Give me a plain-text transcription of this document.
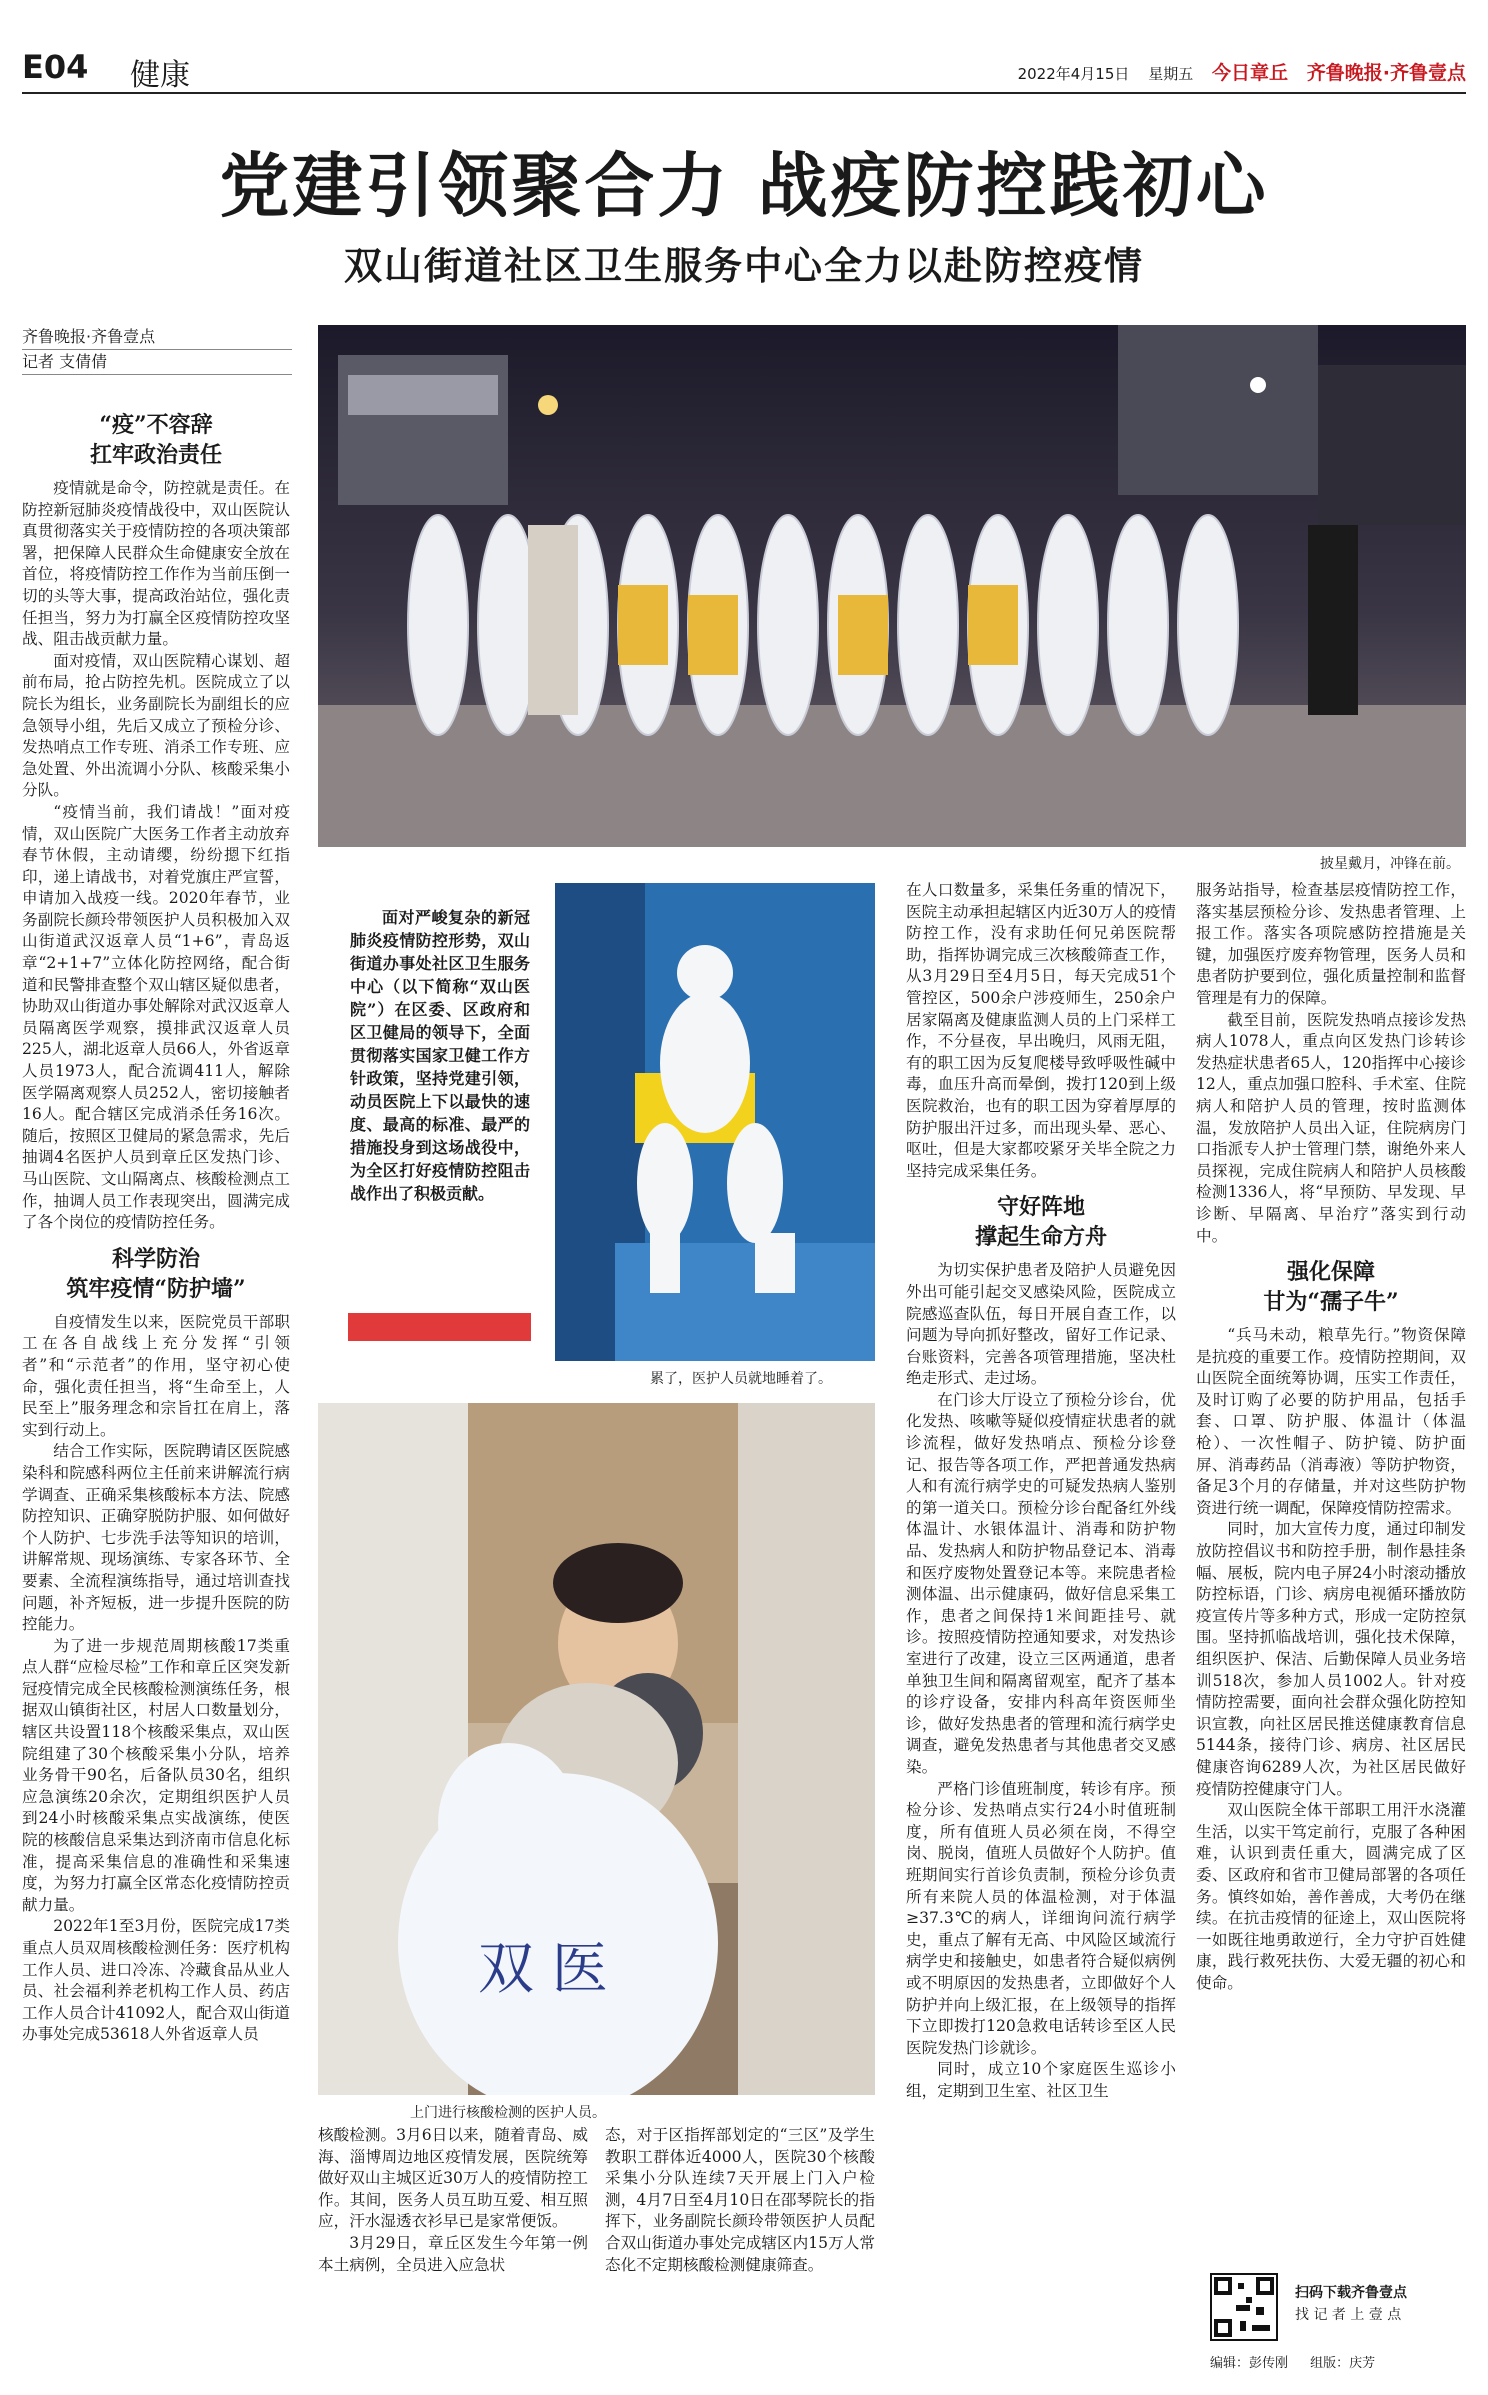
E04 健康	2022年4月15日 星期五 今日章丘 齐鲁晚报·齐鲁壹点
党建引领聚合力 战疫防控践初心
双山街道社区卫生服务中心全力以赴防控疫情
齐鲁晚报·齐鲁壹点
记者 支倩倩
“疫”不容辞
扛牢政治责任

疫情就是命令，防控就是责任。在防控新冠肺炎疫情战役中，双山医院认真贯彻落实关于疫情防控的各项决策部署，把保障人民群众生命健康安全放在首位，将疫情防控工作作为当前压倒一切的头等大事，提高政治站位，强化责任担当，努力为打赢全区疫情防控攻坚战、阻击战贡献力量。

面对疫情，双山医院精心谋划、超前布局，抢占防控先机。医院成立了以院长为组长，业务副院长为副组长的应急领导小组，先后又成立了预检分诊、发热哨点工作专班、消杀工作专班、应急处置、外出流调小分队、核酸采集小分队。

“疫情当前，我们请战！”面对疫情，双山医院广大医务工作者主动放弃春节休假，主动请缨，纷纷摁下红指印，递上请战书，对着党旗庄严宣誓，申请加入战疫一线。2020年春节，业务副院长颜玲带领医护人员积极加入双山街道武汉返章人员“1+6”，青岛返章“2+1+7”立体化防控网络，配合街道和民警排查整个双山辖区疑似患者，协助双山街道办事处解除对武汉返章人员隔离医学观察，摸排武汉返章人员225人，湖北返章人员66人，外省返章人员1973人，配合流调411人，解除医学隔离观察人员252人，密切接触者16人。配合辖区完成消杀任务16次。随后，按照区卫健局的紧急需求，先后抽调4名医护人员到章丘区发热门诊、马山医院、文山隔离点、核酸检测点工作，抽调人员工作表现突出，圆满完成了各个岗位的疫情防控任务。

科学防治
筑牢疫情“防护墙”

自疫情发生以来，医院党员干部职工在各自战线上充分发挥“引领者”和“示范者”的作用，坚守初心使命，强化责任担当，将“生命至上，人民至上”服务理念和宗旨扛在肩上，落实到行动上。

结合工作实际，医院聘请区医院感染科和院感科两位主任前来讲解流行病学调查、正确采集核酸标本方法、院感防控知识、正确穿脱防护服、如何做好个人防护、七步洗手法等知识的培训，讲解常规、现场演练、专家各环节、全要素、全流程演练指导，通过培训查找问题，补齐短板，进一步提升医院的防控能力。

为了进一步规范周期核酸17类重点人群“应检尽检”工作和章丘区突发新冠疫情完成全民核酸检测演练任务，根据双山镇街社区，村居人口数量划分，辖区共设置118个核酸采集点，双山医院组建了30个核酸采集小分队，培养业务骨干90名，后备队员30名，组织应急演练20余次，定期组织医护人员到24小时核酸采集点实战演练，使医院的核酸信息采集达到济南市信息化标准，提高采集信息的准确性和采集速度，为努力打赢全区常态化疫情防控贡献力量。

2022年1至3月份，医院完成17类重点人员双周核酸检测任务：医疗机构工作人员、进口冷冻、冷藏食品从业人员、社会福利养老机构工作人员、药店工作人员合计41092人，配合双山街道办事处完成53618人外省返章人员

披星戴月，冲锋在前。

面对严峻复杂的新冠肺炎疫情防控形势，双山街道办事处社区卫生服务中心（以下简称“双山医院”）在区委、区政府和区卫健局的领导下，全面贯彻落实国家卫健工作方针政策，坚持党建引领，动员医院上下以最快的速度、最高的标准、最严的措施投身到这场战役中，为全区打好疫情防控阻击战作出了积极贡献。

累了，医护人员就地睡着了。
双 医
上门进行核酸检测的医护人员。

核酸检测。3月6日以来，随着青岛、威海、淄博周边地区疫情发展，医院统筹做好双山主城区近30万人的疫情防控工作。其间，医务人员互助互爱、相互照应，汗水湿透衣衫早已是家常便饭。

3月29日，章丘区发生今年第一例本土病例，全员进入应急状

态，对于区指挥部划定的“三区”及学生教职工群体近4000人，医院30个核酸采集小分队连续7天开展上门入户检测，4月7日至4月10日在邵琴院长的指挥下，业务副院长颜玲带领医护人员配合双山街道办事处完成辖区内15万人常态化不定期核酸检测健康筛查。

在人口数量多，采集任务重的情况下，医院主动承担起辖区内近30万人的疫情防控工作，没有求助任何兄弟医院帮助，指挥协调完成三次核酸筛查工作，从3月29日至4月5日，每天完成51个管控区，500余户涉疫师生，250余户居家隔离及健康监测人员的上门采样工作，不分昼夜，早出晚归，风雨无阻，有的职工因为反复爬楼导致呼吸性碱中毒，血压升高而晕倒，拨打120到上级医院救治，也有的职工因为穿着厚厚的防护服出汗过多，而出现头晕、恶心、呕吐，但是大家都咬紧牙关毕全院之力坚持完成采集任务。

守好阵地
撑起生命方舟

为切实保护患者及陪护人员避免因外出可能引起交叉感染风险，医院成立院感巡查队伍，每日开展自查工作，以问题为导向抓好整改，留好工作记录、台账资料，完善各项管理措施，坚决杜绝走形式、走过场。

在门诊大厅设立了预检分诊台，优化发热、咳嗽等疑似疫情症状患者的就诊流程，做好发热哨点、预检分诊登记、报告等各项工作，严把普通发热病人和有流行病学史的可疑发热病人鉴别的第一道关口。预检分诊台配备红外线体温计、水银体温计、消毒和防护物品、发热病人和防护物品登记本、消毒和医疗废物处置登记本等。来院患者检测体温、出示健康码，做好信息采集工作，患者之间保持1米间距挂号、就诊。按照疫情防控通知要求，对发热诊室进行了改建，设立三区两通道，患者单独卫生间和隔离留观室，配齐了基本的诊疗设备，安排内科高年资医师坐诊，做好发热患者的管理和流行病学史调查，避免发热患者与其他患者交叉感染。

严格门诊值班制度，转诊有序。预检分诊、发热哨点实行24小时值班制度，所有值班人员必须在岗，不得空岗、脱岗，值班人员做好个人防护。值班期间实行首诊负责制，预检分诊负责所有来院人员的体温检测，对于体温≥37.3℃的病人，详细询问流行病学史，重点了解有无高、中风险区域流行病学史和接触史，如患者符合疑似病例或不明原因的发热患者，立即做好个人防护并向上级汇报，在上级领导的指挥下立即拨打120急救电话转诊至区人民医院发热门诊就诊。

同时，成立10个家庭医生巡诊小组，定期到卫生室、社区卫生

服务站指导，检查基层疫情防控工作，落实基层预检分诊、发热患者管理、上报工作。落实各项院感防控措施是关键，加强医疗废弃物管理，医务人员和患者防护要到位，强化质量控制和监督管理是有力的保障。

截至目前，医院发热哨点接诊发热病人1078人，重点向区发热门诊转诊发热症状患者65人，120指挥中心接诊12人，重点加强口腔科、手术室、住院病人和陪护人员的管理，按时监测体温，发放陪护人员出入证，住院病房门口指派专人护士管理门禁，谢绝外来人员探视，完成住院病人和陪护人员核酸检测1336人，将“早预防、早发现、早诊断、早隔离、早治疗”落实到行动中。

强化保障
甘为“孺子牛”

“兵马未动，粮草先行。”物资保障是抗疫的重要工作。疫情防控期间，双山医院全面统筹协调，压实工作责任，及时订购了必要的防护用品，包括手套、口罩、防护服、体温计（体温枪）、一次性帽子、防护镜、防护面屏、消毒药品（消毒液）等防护物资，备足3个月的存储量，并对这些防护物资进行统一调配，保障疫情防控需求。

同时，加大宣传力度，通过印制发放防控倡议书和防控手册，制作悬挂条幅、展板，院内电子屏24小时滚动播放防控标语，门诊、病房电视循环播放防疫宣传片等多种方式，形成一定防控氛围。坚持抓临战培训，强化技术保障，组织医护、保洁、后勤保障人员业务培训518次，参加人员1002人。针对疫情防控需要，面向社会群众强化防控知识宣教，向社区居民推送健康教育信息5144条，接待门诊、病房、社区居民健康咨询6289人次，为社区居民做好疫情防控健康守门人。

双山医院全体干部职工用汗水浇灌生活，以实干笃定前行，克服了各种困难，认识到责任重大，圆满完成了区委、区政府和省市卫健局部署的各项任务。慎终如始，善作善成，大考仍在继续。在抗击疫情的征途上，双山医院将一如既往地勇敢逆行，全力守护百姓健康，践行救死扶伤、大爱无疆的初心和使命。

扫码下载齐鲁壹点
找 记 者 上 壹 点
编辑：彭传刚 组版：庆芳
